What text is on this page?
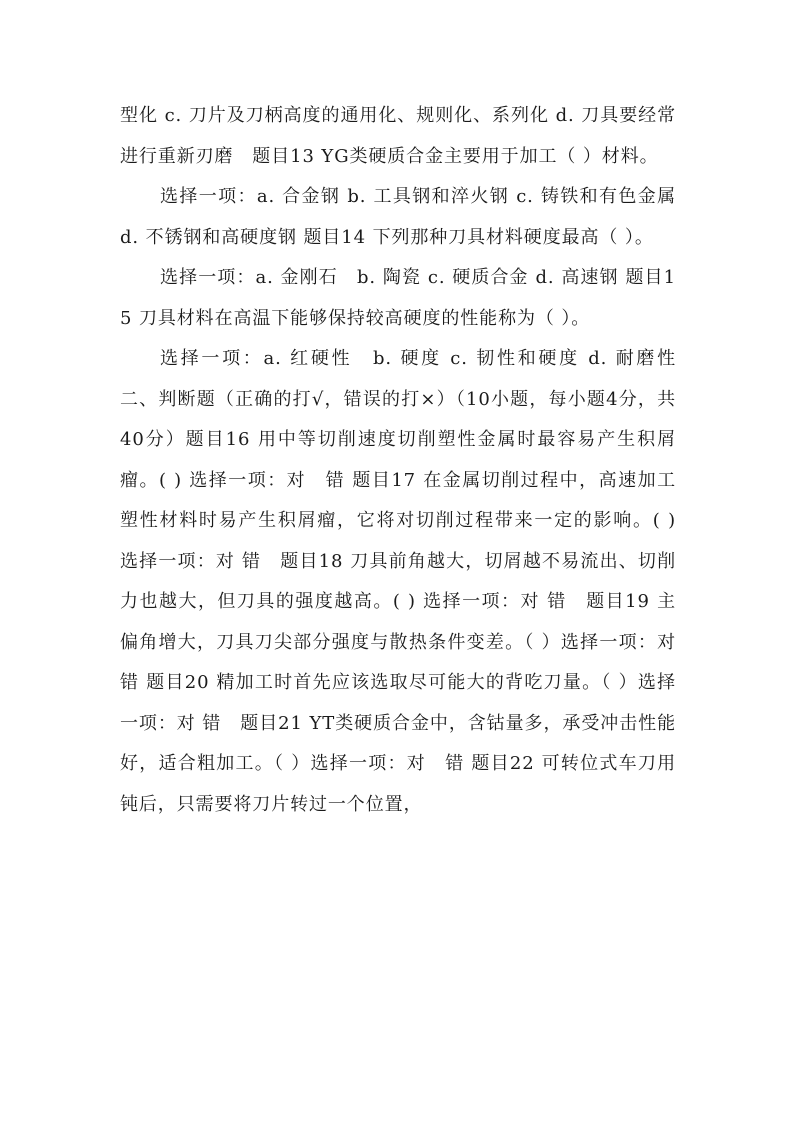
型化 c. 刀片及刀柄高度的通用化、规则化、系列化 d. 刀具要经常进行重新刃磨　题目13 YG类硬质合金主要用于加工（ ）材料。

选择一项：a. 合金钢 b. 工具钢和淬火钢 c. 铸铁和有色金属　d. 不锈钢和高硬度钢 题目14 下列那种刀具材料硬度最高（ ）。

选择一项：a. 金刚石　b. 陶瓷 c. 硬质合金 d. 高速钢 题目15 刀具材料在高温下能够保持较高硬度的性能称为（ ）。

选择一项：a. 红硬性　b. 硬度 c. 韧性和硬度 d. 耐磨性 二、判断题（正确的打√，错误的打×）（10小题，每小题4分，共40分）题目16 用中等切削速度切削塑性金属时最容易产生积屑瘤。( ) 选择一项：对　错 题目17 在金属切削过程中，高速加工塑性材料时易产生积屑瘤，它将对切削过程带来一定的影响。( ) 选择一项：对 错　题目18 刀具前角越大，切屑越不易流出、切削力也越大，但刀具的强度越高。( ) 选择一项：对 错　题目19 主偏角增大，刀具刀尖部分强度与散热条件变差。（ ）选择一项：对　错 题目20 精加工时首先应该选取尽可能大的背吃刀量。（ ）选择一项：对 错　题目21 YT类硬质合金中，含钴量多，承受冲击性能好，适合粗加工。（ ）选择一项：对　错 题目22 可转位式车刀用钝后，只需要将刀片转过一个位置，
